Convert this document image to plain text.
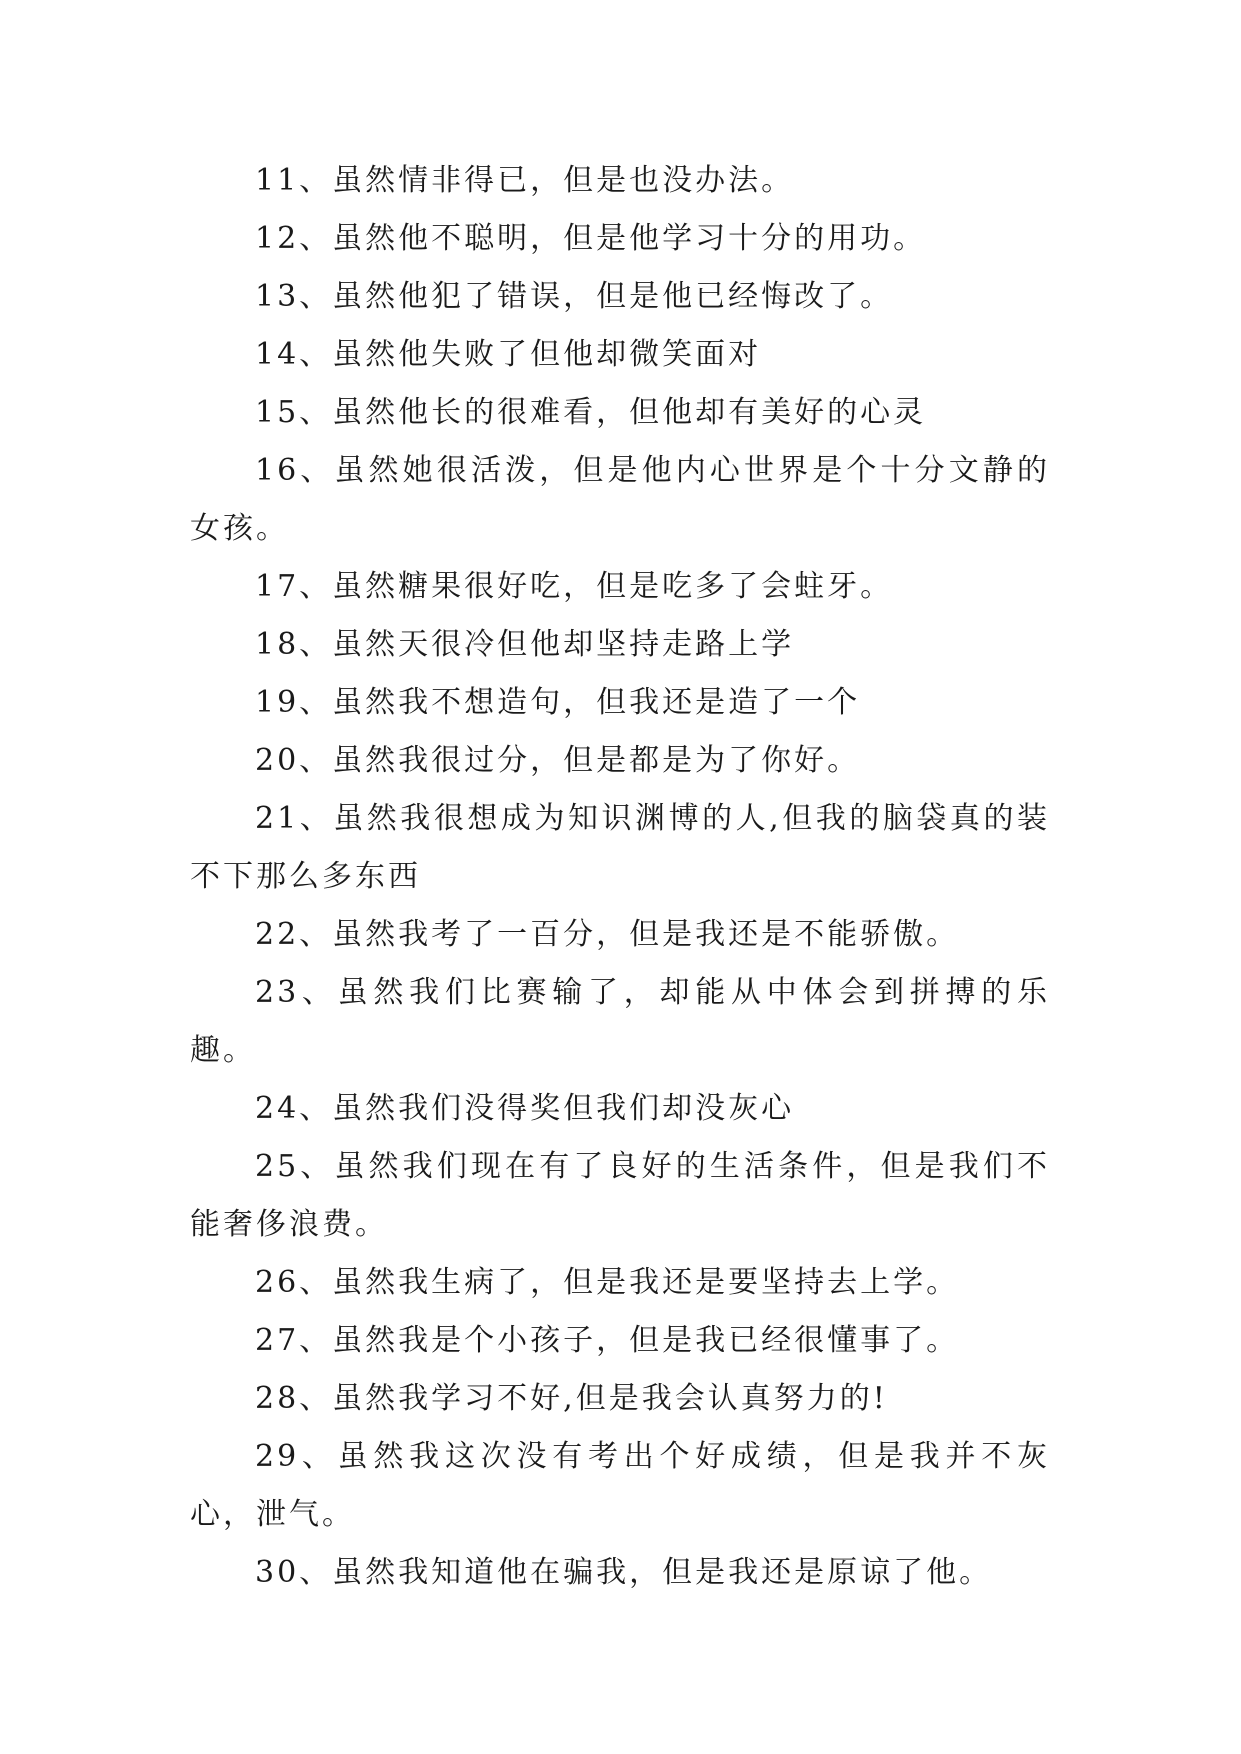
11、虽然情非得已，但是也没办法。

12、虽然他不聪明，但是他学习十分的用功。

13、虽然他犯了错误，但是他已经悔改了。

14、虽然他失败了但他却微笑面对

15、虽然他长的很难看，但他却有美好的心灵

16、虽然她很活泼，但是他内心世界是个十分文静的女孩。

17、虽然糖果很好吃，但是吃多了会蛀牙。

18、虽然天很冷但他却坚持走路上学

19、虽然我不想造句，但我还是造了一个

20、虽然我很过分，但是都是为了你好。

21、虽然我很想成为知识渊博的人,但我的脑袋真的装不下那么多东西

22、虽然我考了一百分，但是我还是不能骄傲。

23、虽然我们比赛输了，却能从中体会到拼搏的乐趣。

24、虽然我们没得奖但我们却没灰心

25、虽然我们现在有了良好的生活条件，但是我们不能奢侈浪费。

26、虽然我生病了，但是我还是要坚持去上学。

27、虽然我是个小孩子，但是我已经很懂事了。

28、虽然我学习不好,但是我会认真努力的!

29、虽然我这次没有考出个好成绩，但是我并不灰心，泄气。

30、虽然我知道他在骗我，但是我还是原谅了他。
